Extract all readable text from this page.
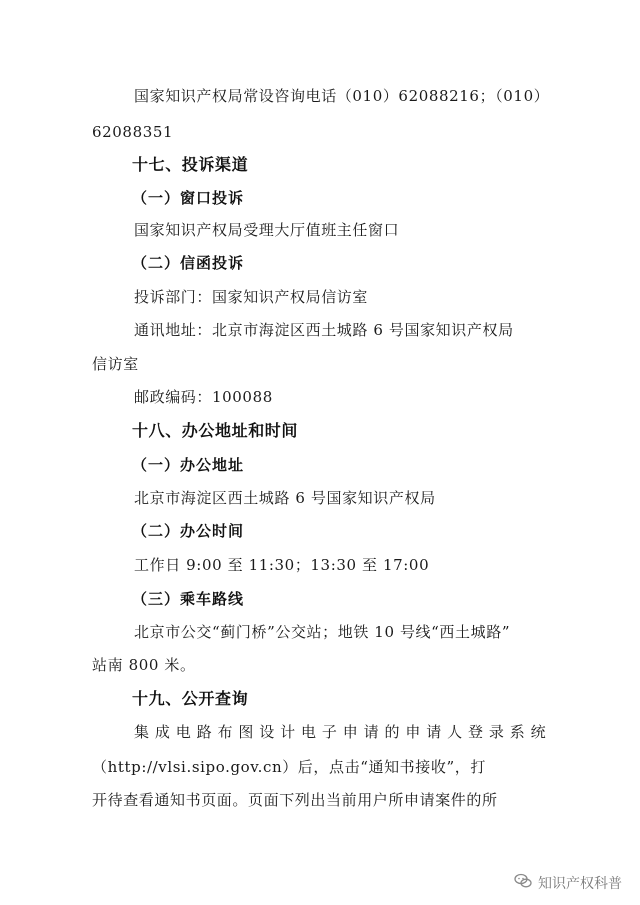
国家知识产权局常设咨询电话（010）62088216；（010）
62088351
十七、投诉渠道
（一）窗口投诉
国家知识产权局受理大厅值班主任窗口
（二）信函投诉
投诉部门：国家知识产权局信访室
通讯地址：北京市海淀区西土城路 6 号国家知识产权局
信访室
邮政编码：100088
十八、办公地址和时间
（一）办公地址
北京市海淀区西土城路 6 号国家知识产权局
（二）办公时间
工作日 9:00 至 11:30；13:30 至 17:00
（三）乘车路线
北京市公交“蓟门桥”公交站；地铁 10 号线“西土城路”
站南 800 米。
十九、公开查询
集成电路布图设计电子申请的申请人登录系统
（http://vlsi.sipo.gov.cn）后，点击“通知书接收”，打
开待查看通知书页面。页面下列出当前用户所申请案件的所
知识产权科普
